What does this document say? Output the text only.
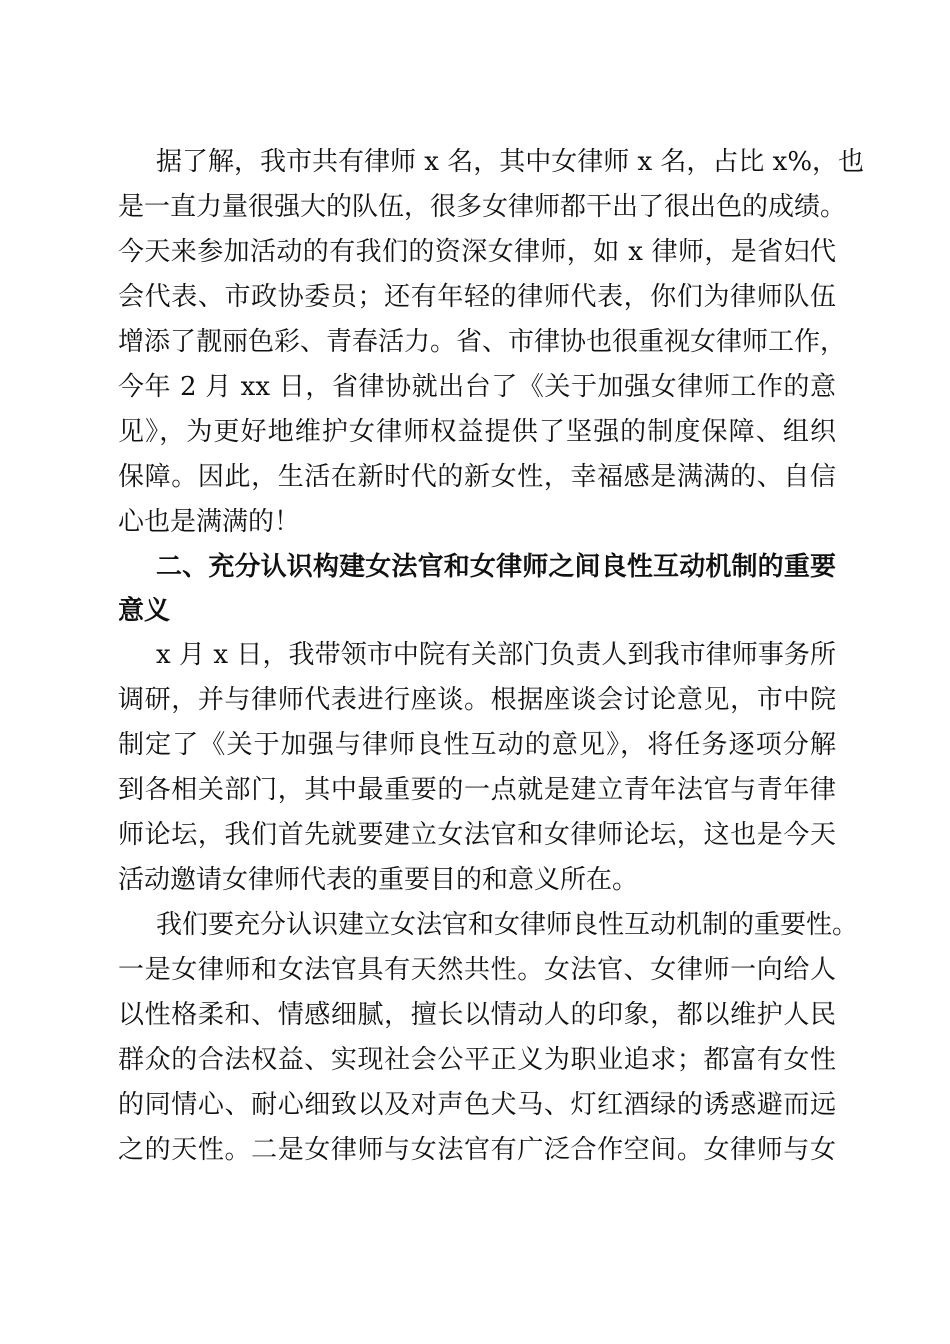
据了解，我市共有律师 x 名，其中女律师 x 名，占比 x%，也
是一直力量很强大的队伍，很多女律师都干出了很出色的成绩。
今天来参加活动的有我们的资深女律师，如 x 律师，是省妇代
会代表、市政协委员；还有年轻的律师代表，你们为律师队伍
增添了靓丽色彩、青春活力。省、市律协也很重视女律师工作，
今年 2 月 xx 日，省律协就出台了《关于加强女律师工作的意
见》，为更好地维护女律师权益提供了坚强的制度保障、组织
保障。因此，生活在新时代的新女性，幸福感是满满的、自信
心也是满满的！
二、充分认识构建女法官和女律师之间良性互动机制的重要
意义
x 月 x 日，我带领市中院有关部门负责人到我市律师事务所
调研，并与律师代表进行座谈。根据座谈会讨论意见，市中院
制定了《关于加强与律师良性互动的意见》，将任务逐项分解
到各相关部门，其中最重要的一点就是建立青年法官与青年律
师论坛，我们首先就要建立女法官和女律师论坛，这也是今天
活动邀请女律师代表的重要目的和意义所在。
我们要充分认识建立女法官和女律师良性互动机制的重要性。
一是女律师和女法官具有天然共性。女法官、女律师一向给人
以性格柔和、情感细腻，擅长以情动人的印象，都以维护人民
群众的合法权益、实现社会公平正义为职业追求；都富有女性
的同情心、耐心细致以及对声色犬马、灯红酒绿的诱惑避而远
之的天性。二是女律师与女法官有广泛合作空间。女律师与女
